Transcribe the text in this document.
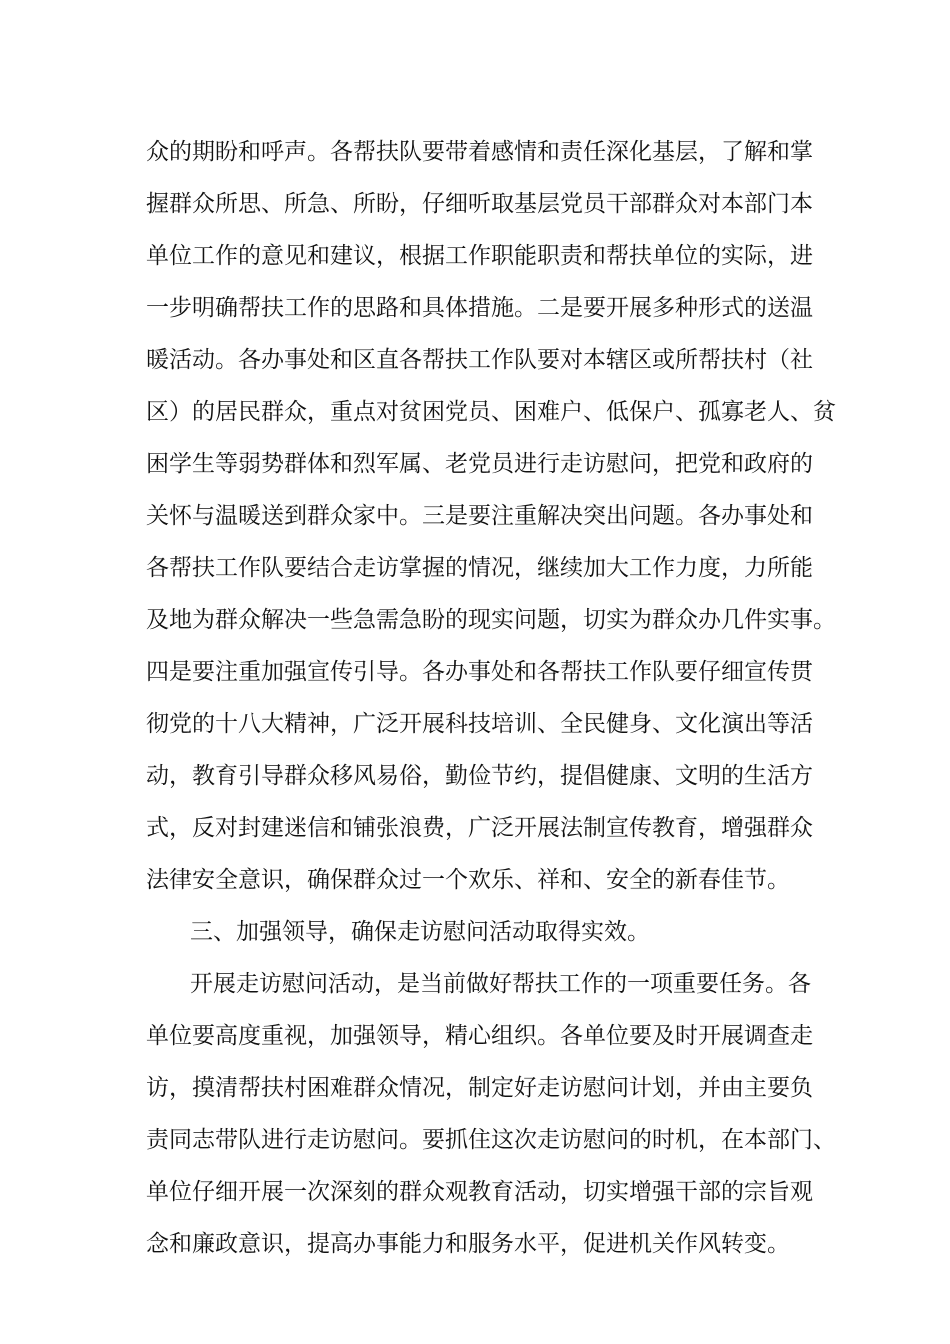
众的期盼和呼声。各帮扶队要带着感情和责任深化基层，了解和掌
握群众所思、所急、所盼，仔细听取基层党员干部群众对本部门本
单位工作的意见和建议，根据工作职能职责和帮扶单位的实际，进
一步明确帮扶工作的思路和具体措施。二是要开展多种形式的送温
暖活动。各办事处和区直各帮扶工作队要对本辖区或所帮扶村（社
区）的居民群众，重点对贫困党员、困难户、低保户、孤寡老人、贫
困学生等弱势群体和烈军属、老党员进行走访慰问，把党和政府的
关怀与温暖送到群众家中。三是要注重解决突出问题。各办事处和
各帮扶工作队要结合走访掌握的情况，继续加大工作力度，力所能
及地为群众解决一些急需急盼的现实问题，切实为群众办几件实事。
四是要注重加强宣传引导。各办事处和各帮扶工作队要仔细宣传贯
彻党的十八大精神，广泛开展科技培训、全民健身、文化演出等活
动，教育引导群众移风易俗，勤俭节约，提倡健康、文明的生活方
式，反对封建迷信和铺张浪费，广泛开展法制宣传教育，增强群众
法律安全意识，确保群众过一个欢乐、祥和、安全的新春佳节。
三、加强领导，确保走访慰问活动取得实效。
开展走访慰问活动，是当前做好帮扶工作的一项重要任务。各
单位要高度重视，加强领导，精心组织。各单位要及时开展调查走
访，摸清帮扶村困难群众情况，制定好走访慰问计划，并由主要负
责同志带队进行走访慰问。要抓住这次走访慰问的时机，在本部门、
单位仔细开展一次深刻的群众观教育活动，切实增强干部的宗旨观
念和廉政意识，提高办事能力和服务水平，促进机关作风转变。
